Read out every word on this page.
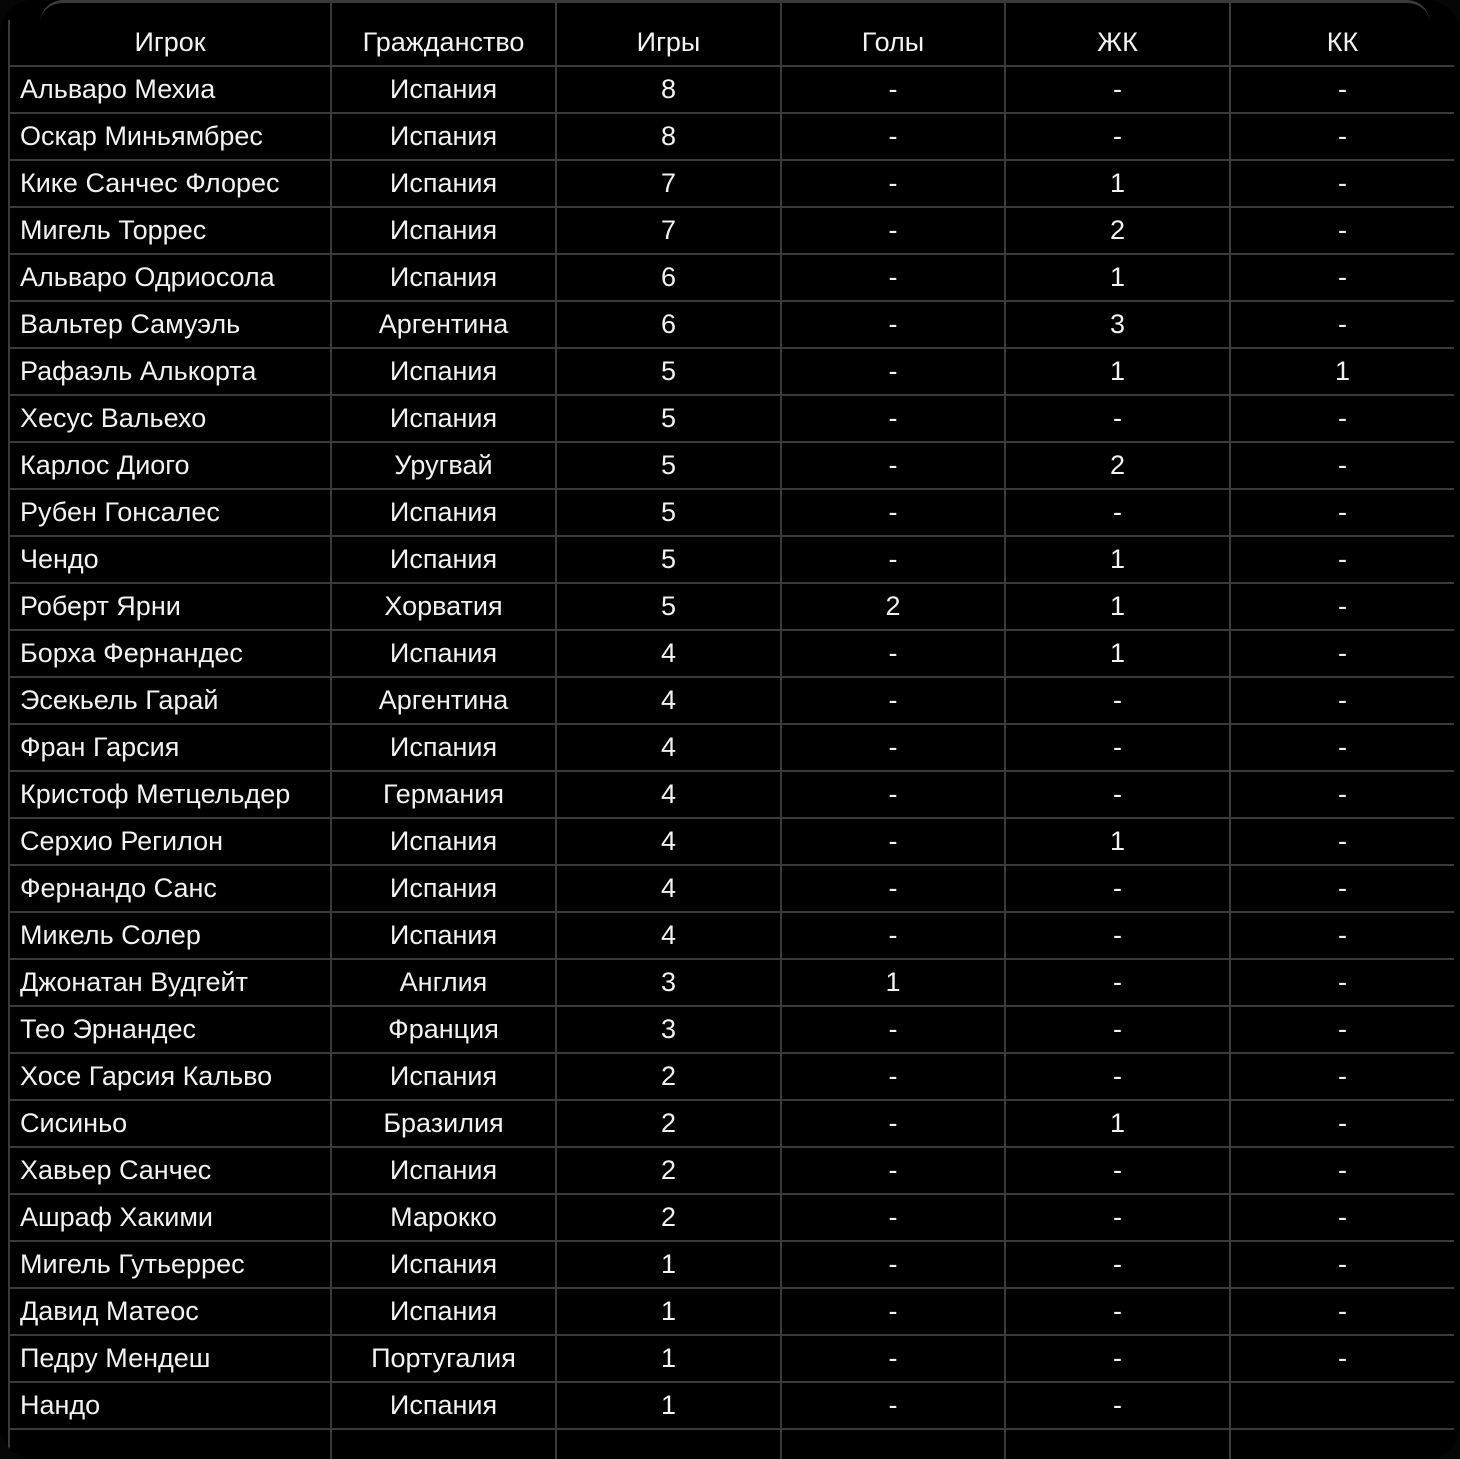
Игрок	Гражданство	Игры	Голы	ЖК	КК
Альваро Мехиа	Испания	8	-	-	-
Оскар Миньямбрес	Испания	8	-	-	-
Кике Санчес Флорес	Испания	7	-	1	-
Мигель Торрес	Испания	7	-	2	-
Альваро Одриосола	Испания	6	-	1	-
Вальтер Самуэль	Аргентина	6	-	3	-
Рафаэль Алькорта	Испания	5	-	1	1
Хесус Вальехо	Испания	5	-	-	-
Карлос Диого	Уругвай	5	-	2	-
Рубен Гонсалес	Испания	5	-	-	-
Чендо	Испания	5	-	1	-
Роберт Ярни	Хорватия	5	2	1	-
Борха Фернандес	Испания	4	-	1	-
Эсекьель Гарай	Аргентина	4	-	-	-
Фран Гарсия	Испания	4	-	-	-
Кристоф Метцельдер	Германия	4	-	-	-
Серхио Регилон	Испания	4	-	1	-
Фернандо Санс	Испания	4	-	-	-
Микель Солер	Испания	4	-	-	-
Джонатан Вудгейт	Англия	3	1	-	-
Тео Эрнандес	Франция	3	-	-	-
Хосе Гарсия Кальво	Испания	2	-	-	-
Сисиньо	Бразилия	2	-	1	-
Хавьер Санчес	Испания	2	-	-	-
Ашраф Хакими	Марокко	2	-	-	-
Мигель Гутьеррес	Испания	1	-	-	-
Давид Матеос	Испания	1	-	-	-
Педру Мендеш	Португалия	1	-	-	-
Нандо	Испания	1	-	-	
